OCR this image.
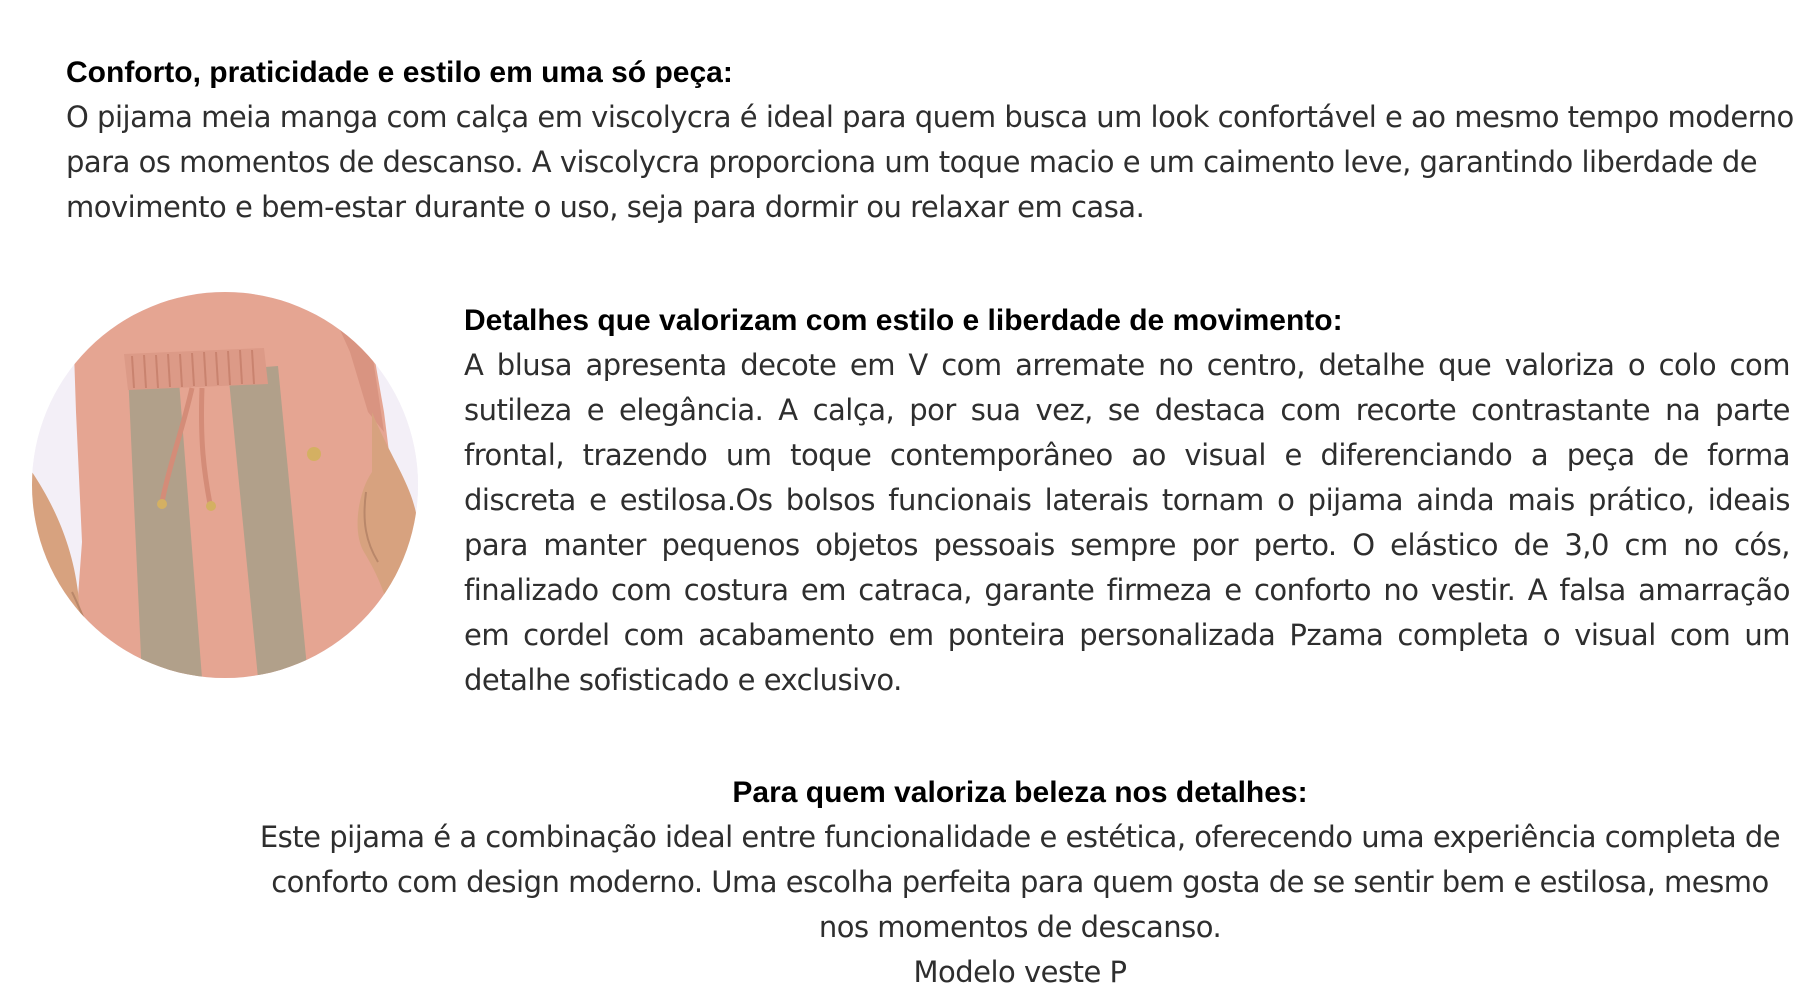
Conforto, praticidade e estilo em uma só peça:

O pijama meia manga com calça em viscolycra é ideal para quem busca um look confortável e ao mesmo tempo moderno para os momentos de descanso. A viscolycra proporciona um toque macio e um caimento leve, garantindo liberdade de movimento e bem-estar durante o uso, seja para dormir ou relaxar em casa.

Detalhes que valorizam com estilo e liberdade de movimento:

A blusa apresenta decote em V com arremate no centro, detalhe que valoriza o colo com sutileza e elegância. A calça, por sua vez, se destaca com recorte contrastante na parte frontal, trazendo um toque contemporâneo ao visual e diferenciando a peça de forma discreta e estilosa.Os bolsos funcionais laterais tornam o pijama ainda mais prático, ideais para manter pequenos objetos pessoais sempre por perto. O elástico de 3,0 cm no cós, finalizado com costura em catraca, garante firmeza e conforto no vestir. A falsa amarração em cordel com acabamento em ponteira personalizada Pzama completa o visual com um detalhe sofisticado e exclusivo.

Para quem valoriza beleza nos detalhes:

Este pijama é a combinação ideal entre funcionalidade e estética, oferecendo uma experiência completa de conforto com design moderno. Uma escolha perfeita para quem gosta de se sentir bem e estilosa, mesmo nos momentos de descanso.

Modelo veste P
